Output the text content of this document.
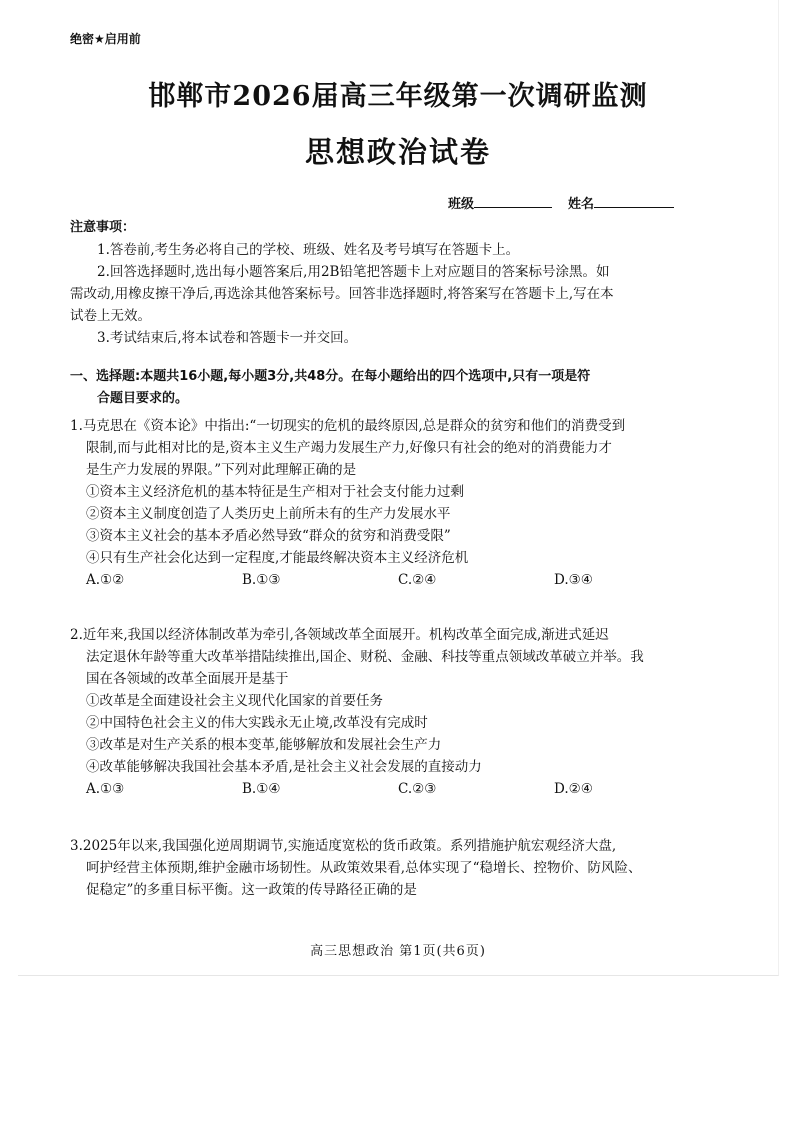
绝密★启用前
邯郸市2026届高三年级第一次调研监测
思想政治试卷
班级	姓名
注意事项：
1.答卷前,考生务必将自己的学校、班级、姓名及考号填写在答题卡上。
2.回答选择题时,选出每小题答案后,用2B铅笔把答题卡上对应题目的答案标号涂黑。如
需改动,用橡皮擦干净后,再选涂其他答案标号。回答非选择题时,将答案写在答题卡上,写在本
试卷上无效。
3.考试结束后,将本试卷和答题卡一并交回。
一、选择题:本题共16小题,每小题3分,共48分。在每小题给出的四个选项中,只有一项是符
合题目要求的。
1.马克思在《资本论》中指出:“一切现实的危机的最终原因,总是群众的贫穷和他们的消费受到
限制,而与此相对比的是,资本主义生产竭力发展生产力,好像只有社会的绝对的消费能力才
是生产力发展的界限。”下列对此理解正确的是
①资本主义经济危机的基本特征是生产相对于社会支付能力过剩
②资本主义制度创造了人类历史上前所未有的生产力发展水平
③资本主义社会的基本矛盾必然导致“群众的贫穷和消费受限”
④只有生产社会化达到一定程度,才能最终解决资本主义经济危机
A.①②	B.①③	C.②④	D.③④
2.近年来,我国以经济体制改革为牵引,各领域改革全面展开。机构改革全面完成,渐进式延迟
法定退休年龄等重大改革举措陆续推出,国企、财税、金融、科技等重点领域改革破立并举。我
国在各领域的改革全面展开是基于
①改革是全面建设社会主义现代化国家的首要任务
②中国特色社会主义的伟大实践永无止境,改革没有完成时
③改革是对生产关系的根本变革,能够解放和发展社会生产力
④改革能够解决我国社会基本矛盾,是社会主义社会发展的直接动力
A.①③	B.①④	C.②③	D.②④
3.2025年以来,我国强化逆周期调节,实施适度宽松的货币政策。系列措施护航宏观经济大盘,
呵护经营主体预期,维护金融市场韧性。从政策效果看,总体实现了“稳增长、控物价、防风险、
促稳定”的多重目标平衡。这一政策的传导路径正确的是
高三思想政治 第1页(共6页)
